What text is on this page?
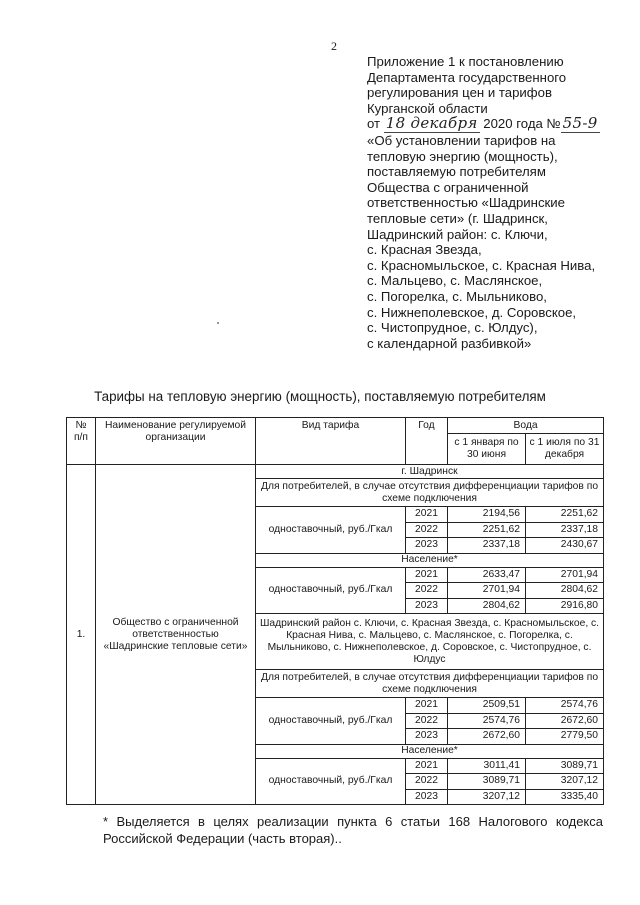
2
Приложение 1 к постановлению
Департамента государственного
регулирования цен и тарифов
Курганской области
от 18 декабря 2020 года № 55-9
«Об установлении тарифов на
тепловую энергию (мощность),
поставляемую потребителям
Общества с ограниченной
ответственностью «Шадринские
тепловые сети» (г. Шадринск,
Шадринский район: с. Ключи,
с. Красная Звезда,
с. Красномыльское, с. Красная Нива,
с. Мальцево, с. Маслянское,
с. Погорелка, с. Мыльниково,
с. Нижнеполевское, д. Соровское,
с. Чистопрудное, с. Юлдус),
с календарной разбивкой»
Тарифы на тепловую энергию (мощность), поставляемую потребителям
№ п/п	Наименование регулируемой организации	Вид тарифа	Год	Вода	
				с 1 января по 30 июня	с 1 июля по 31 декабря
1.	Общество с ограниченной ответственностью «Шадринские тепловые сети»	г. Шадринск			
		Для потребителей, в случае отсутствия дифференциации тарифов по схеме подключения			
		одноставочный, руб./Гкал	2021	2194,56	2251,62
			2022	2251,62	2337,18
			2023	2337,18	2430,67
		Население*			
		одноставочный, руб./Гкал	2021	2633,47	2701,94
			2022	2701,94	2804,62
			2023	2804,62	2916,80
		Шадринский район с. Ключи, с. Красная Звезда, с. Красномыльское, с. Красная Нива, с. Мальцево, с. Маслянское, с. Погорелка, с. Мыльниково, с. Нижнеполевское, д. Соровское, с. Чистопрудное, с. Юлдус			
		Для потребителей, в случае отсутствия дифференциации тарифов по схеме подключения			
		одноставочный, руб./Гкал	2021	2509,51	2574,76
			2022	2574,76	2672,60
			2023	2672,60	2779,50
		Население*			
		одноставочный, руб./Гкал	2021	3011,41	3089,71
			2022	3089,71	3207,12
			2023	3207,12	3335,40
* Выделяется в целях реализации пункта 6 статьи 168 Налогового кодекса
Российской Федерации (часть вторая)..
